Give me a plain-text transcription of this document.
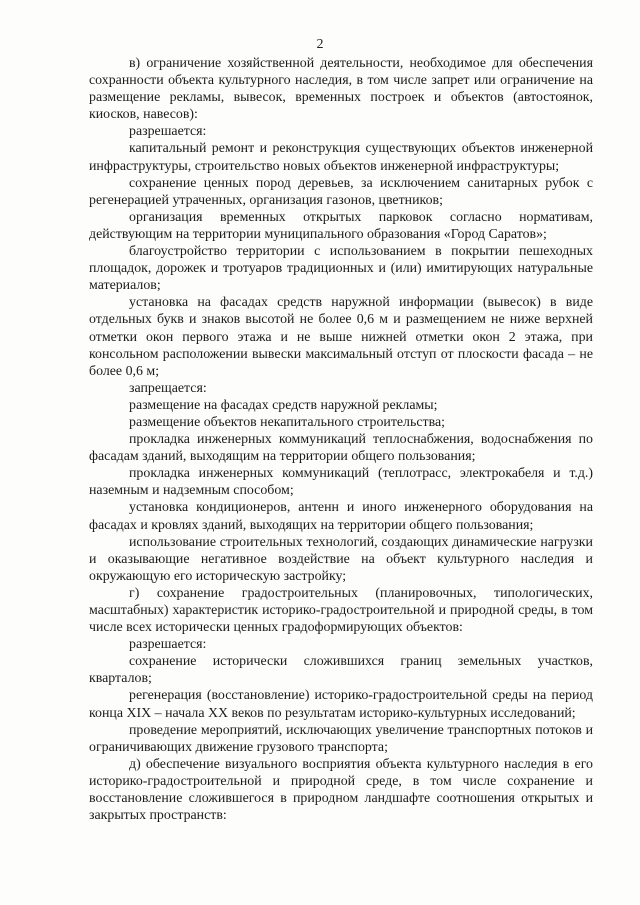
2

в) ограничение хозяйственной деятельности, необходимое для обеспечения сохранности объекта культурного наследия, в том числе запрет или ограничение на размещение рекламы, вывесок, временных построек и объектов (автостоянок, киосков, навесов):

разрешается:

капитальный ремонт и реконструкция существующих объектов инженерной инфраструктуры, строительство новых объектов инженерной инфраструктуры;

сохранение ценных пород деревьев, за исключением санитарных рубок с регенерацией утраченных, организация газонов, цветников;

организация временных открытых парковок согласно нормативам, действующим на территории муниципального образования «Город Саратов»;

благоустройство территории с использованием в покрытии пешеходных площадок, дорожек и тротуаров традиционных и (или) имитирующих натуральные материалов;

установка на фасадах средств наружной информации (вывесок) в виде отдельных букв и знаков высотой не более 0,6 м и размещением не ниже верхней отметки окон первого этажа и не выше нижней отметки окон 2 этажа, при консольном расположении вывески максимальный отступ от плоскости фасада – не более 0,6 м;

запрещается:

размещение на фасадах средств наружной рекламы;

размещение объектов некапитального строительства;

прокладка инженерных коммуникаций теплоснабжения, водоснабжения по фасадам зданий, выходящим на территории общего пользования;

прокладка инженерных коммуникаций (теплотрасс, электрокабеля и т.д.) наземным и надземным способом;

установка кондиционеров, антенн и иного инженерного оборудования на фасадах и кровлях зданий, выходящих на территории общего пользования;

использование строительных технологий, создающих динамические нагрузки и оказывающие негативное воздействие на объект культурного наследия и окружающую его историческую застройку;

г) сохранение градостроительных (планировочных, типологических, масштабных) характеристик историко-градостроительной и природной среды, в том числе всех исторически ценных градоформирующих объектов:

разрешается:

сохранение исторически сложившихся границ земельных участков, кварталов;

регенерация (восстановление) историко-градостроительной среды на период конца XIX – начала XX веков по результатам историко-культурных исследований;

проведение мероприятий, исключающих увеличение транспортных потоков и ограничивающих движение грузового транспорта;

д) обеспечение визуального восприятия объекта культурного наследия в его историко-градостроительной и природной среде, в том числе сохранение и восстановление сложившегося в природном ландшафте соотношения открытых и закрытых пространств:
